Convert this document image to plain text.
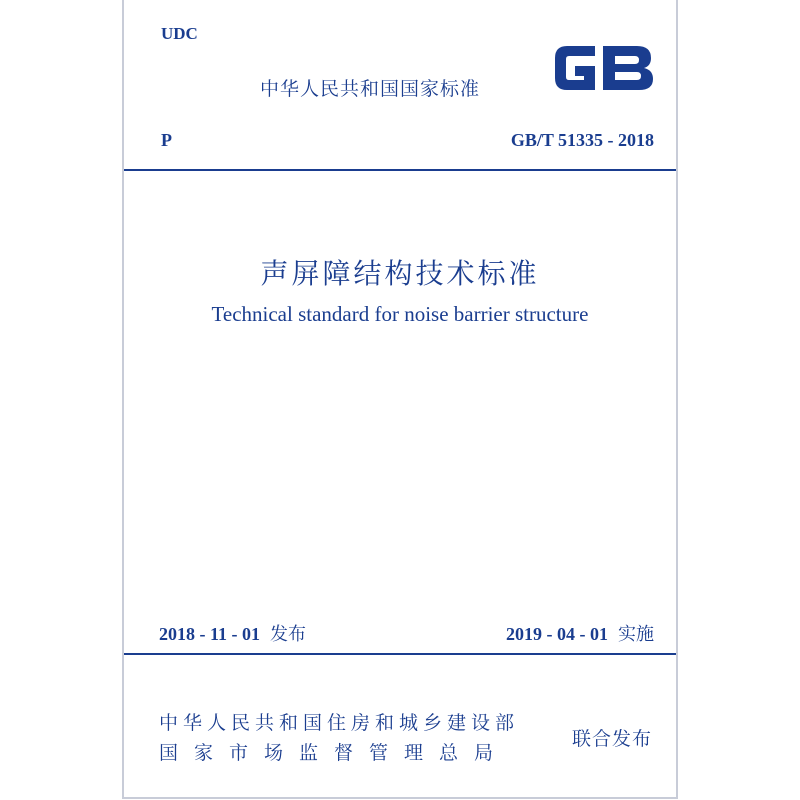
UDC
中华人民共和国国家标准
P	GB/T 51335 - 2018
声屏障结构技术标准
Technical standard for noise barrier structure
2018 - 11 - 01 发布	2019 - 04 - 01 实施
中华人民共和国住房和城乡建设部
国家市场监督管理总局
联合发布
